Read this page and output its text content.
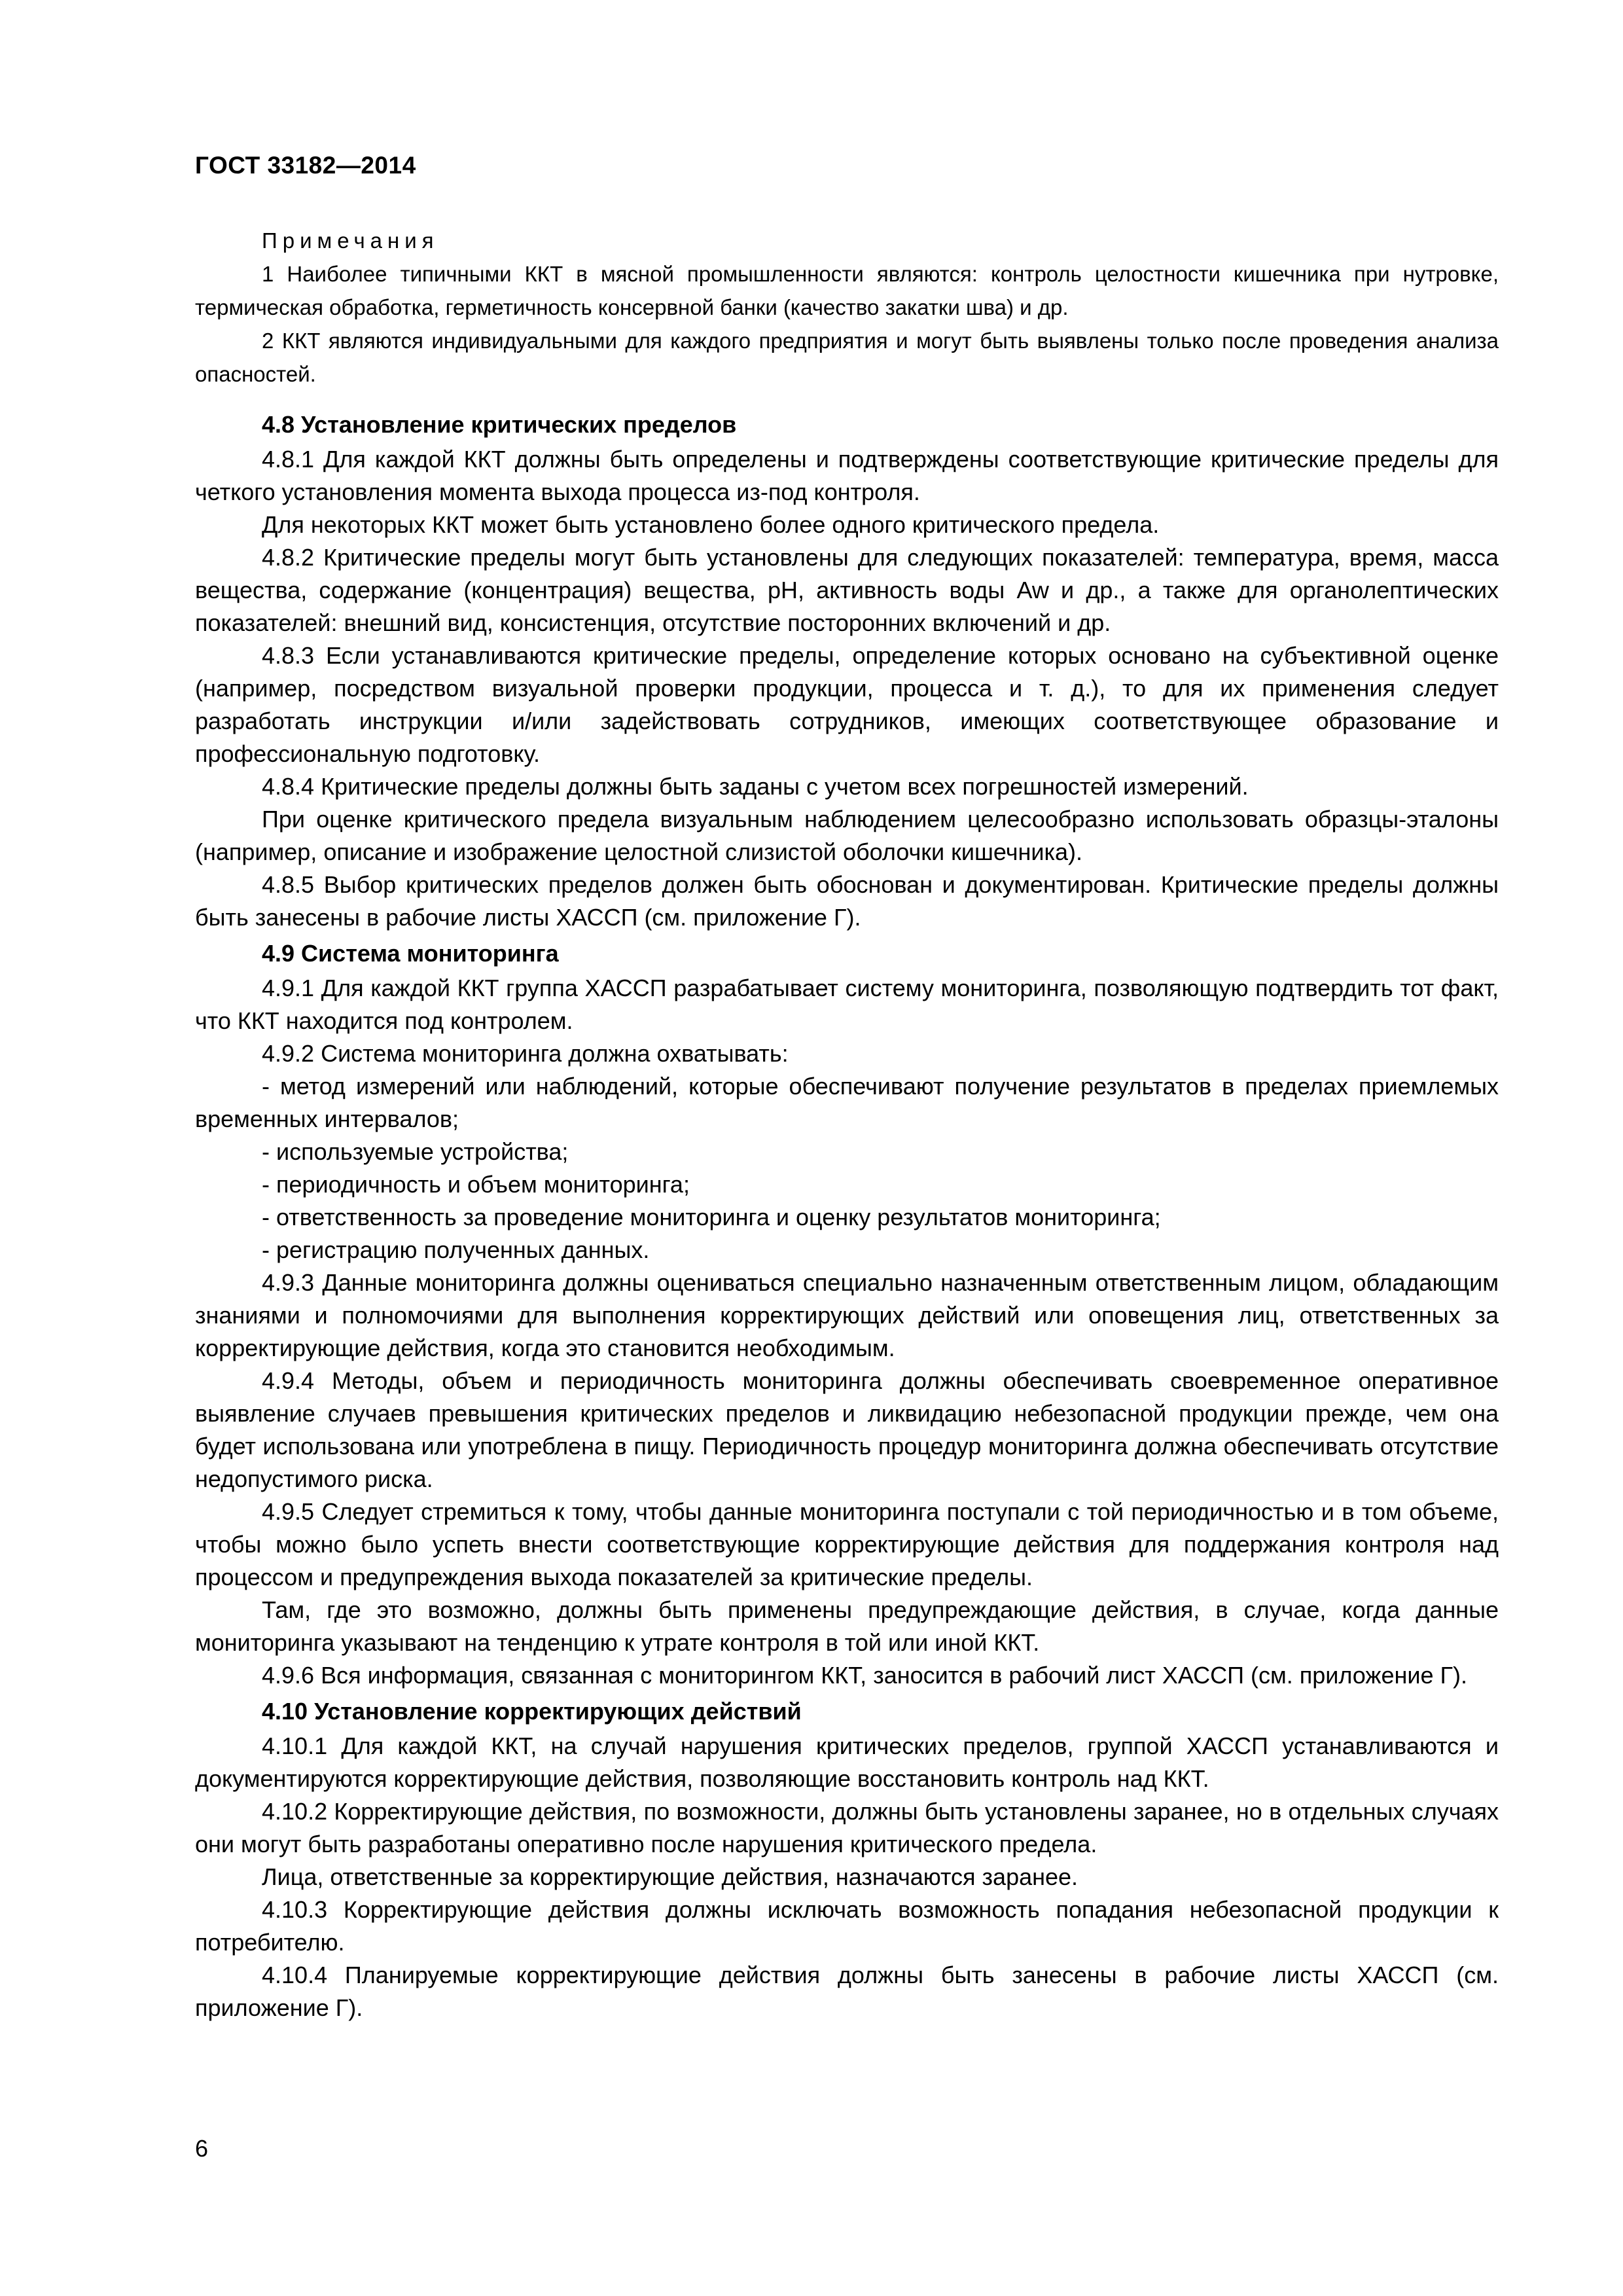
ГОСТ 33182—2014
Примечания
1 Наиболее типичными ККТ в мясной промышленности являются: контроль целостности кишечника при нутровке, термическая обработка, герметичность консервной банки (качество закатки шва) и др.
2 ККТ являются индивидуальными для каждого предприятия и могут быть выявлены только после проведения анализа опасностей.
4.8 Установление критических пределов

4.8.1 Для каждой ККТ должны быть определены и подтверждены соответствующие критические пределы для четкого установления момента выхода процесса из-под контроля.

Для некоторых ККТ может быть установлено более одного критического предела.

4.8.2 Критические пределы могут быть установлены для следующих показателей: температура, время, масса вещества, содержание (концентрация) вещества, pH, активность воды Aw и др., а также для органолептических показателей: внешний вид, консистенция, отсутствие посторонних включений и др.

4.8.3 Если устанавливаются критические пределы, определение которых основано на субъективной оценке (например, посредством визуальной проверки продукции, процесса и т. д.), то для их применения следует разработать инструкции и/или задействовать сотрудников, имеющих соответствующее образование и профессиональную подготовку.

4.8.4 Критические пределы должны быть заданы с учетом всех погрешностей измерений.

При оценке критического предела визуальным наблюдением целесообразно использовать образцы-эталоны (например, описание и изображение целостной слизистой оболочки кишечника).

4.8.5 Выбор критических пределов должен быть обоснован и документирован. Критические пределы должны быть занесены в рабочие листы ХАССП (см. приложение Г).

4.9 Система мониторинга

4.9.1 Для каждой ККТ группа ХАССП разрабатывает систему мониторинга, позволяющую подтвердить тот факт, что ККТ находится под контролем.

4.9.2 Система мониторинга должна охватывать:

- метод измерений или наблюдений, которые обеспечивают получение результатов в пределах приемлемых временных интервалов;

- используемые устройства;

- периодичность и объем мониторинга;

- ответственность за проведение мониторинга и оценку результатов мониторинга;

- регистрацию полученных данных.

4.9.3 Данные мониторинга должны оцениваться специально назначенным ответственным лицом, обладающим знаниями и полномочиями для выполнения корректирующих действий или оповещения лиц, ответственных за корректирующие действия, когда это становится необходимым.

4.9.4 Методы, объем и периодичность мониторинга должны обеспечивать своевременное оперативное выявление случаев превышения критических пределов и ликвидацию небезопасной продукции прежде, чем она будет использована или употреблена в пищу. Периодичность процедур мониторинга должна обеспечивать отсутствие недопустимого риска.

4.9.5 Следует стремиться к тому, чтобы данные мониторинга поступали с той периодичностью и в том объеме, чтобы можно было успеть внести соответствующие корректирующие действия для поддержания контроля над процессом и предупреждения выхода показателей за критические пределы.

Там, где это возможно, должны быть применены предупреждающие действия, в случае, когда данные мониторинга указывают на тенденцию к утрате контроля в той или иной ККТ.

4.9.6 Вся информация, связанная с мониторингом ККТ, заносится в рабочий лист ХАССП (см. приложение Г).

4.10 Установление корректирующих действий

4.10.1 Для каждой ККТ, на случай нарушения критических пределов, группой ХАССП устанавливаются и документируются корректирующие действия, позволяющие восстановить контроль над ККТ.

4.10.2 Корректирующие действия, по возможности, должны быть установлены заранее, но в отдельных случаях они могут быть разработаны оперативно после нарушения критического предела.

Лица, ответственные за корректирующие действия, назначаются заранее.

4.10.3 Корректирующие действия должны исключать возможность попадания небезопасной продукции к потребителю.

4.10.4 Планируемые корректирующие действия должны быть занесены в рабочие листы ХАССП (см. приложение Г).

6
